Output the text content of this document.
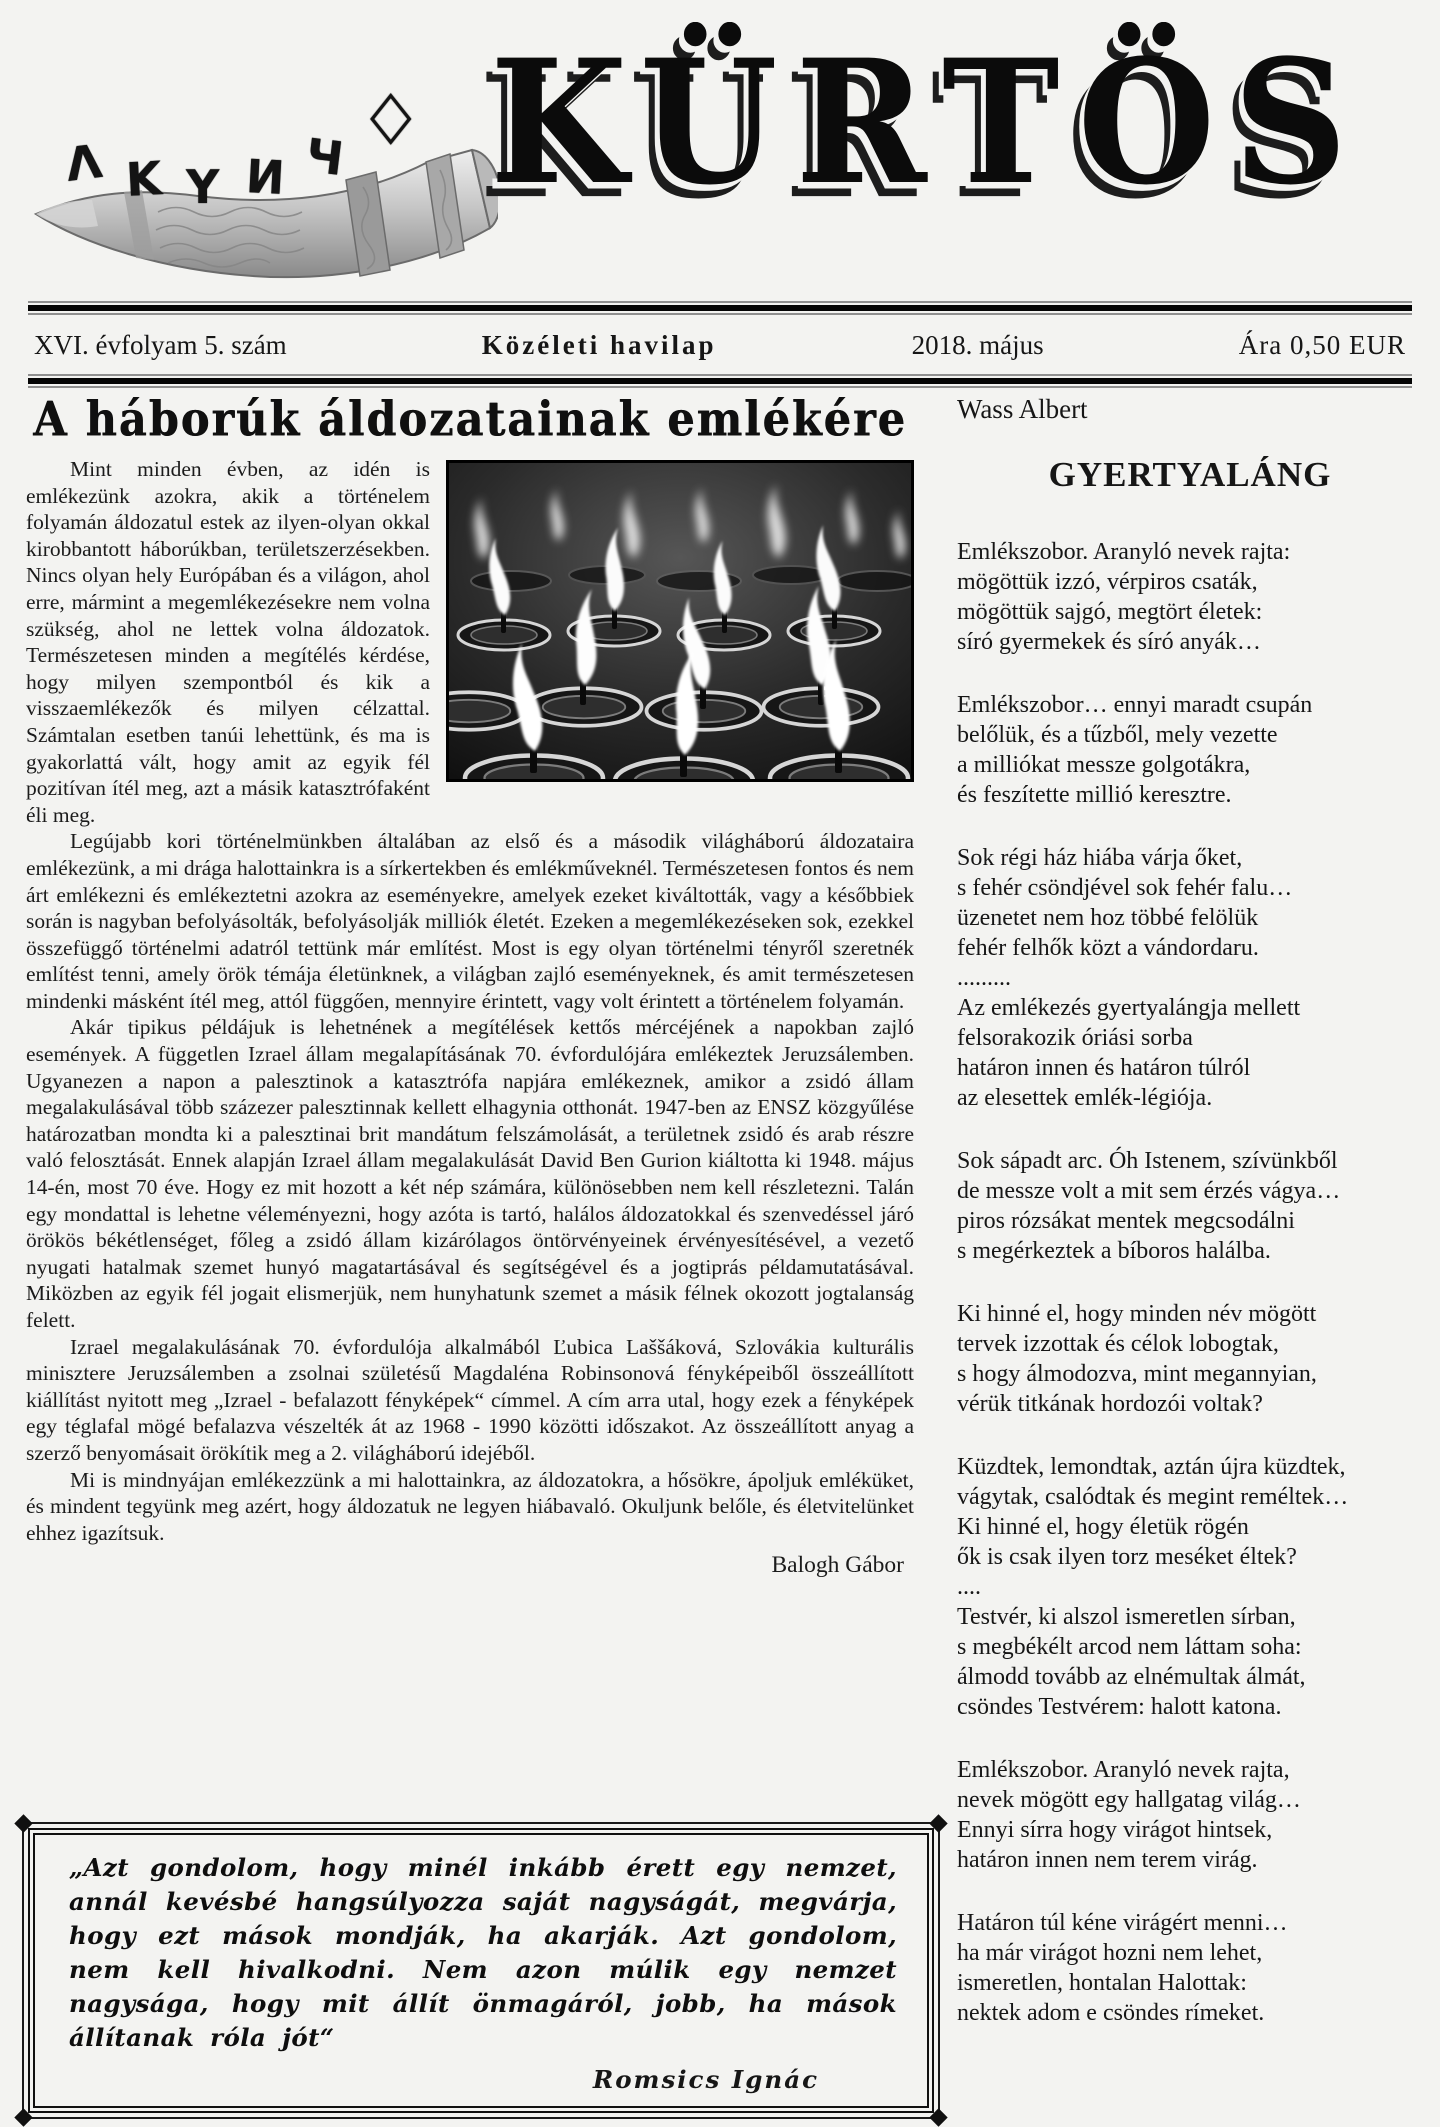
Λ K Y И Ч
◇ KÜRTÖS
XVI. évfolyam 5. szám	Közéleti havilap	2018. május	Ára 0,50 EUR
A háborúk áldozatainak emlékére

Mint minden évben, az idén is emlékezünk azokra, akik a történelem folyamán áldozatul estek az ilyen-olyan okkal kirobbantott háborúkban, területszerzésekben. Nincs olyan hely Európában és a világon, ahol erre, mármint a megemlékezésekre nem volna szükség, ahol ne lettek volna áldozatok. Természetesen minden a megítélés kérdése, hogy milyen szempontból és kik a visszaemlékezők és milyen célzattal. Számtalan esetben tanúi lehettünk, és ma is gyakorlattá vált, hogy amit az egyik fél pozitívan ítél meg, azt a másik katasztrófaként éli meg.

Legújabb kori történelmünkben általában az első és a második világháború áldozataira emlékezünk, a mi drága halottainkra is a sírkertekben és emlékműveknél. Természetesen fontos és nem árt emlékezni és emlékeztetni azokra az eseményekre, amelyek ezeket kiváltották, vagy a későbbiek során is nagyban befolyásolták, befolyásolják milliók életét. Ezeken a megemlékezéseken sok, ezekkel összefüggő történelmi adatról tettünk már említést. Most is egy olyan történelmi tényről szeretnék említést tenni, amely örök témája életünknek, a világban zajló eseményeknek, és amit természetesen mindenki másként ítél meg, attól függően, mennyire érintett, vagy volt érintett a történelem folyamán.

Akár tipikus példájuk is lehetnének a megítélések kettős mércéjének a napokban zajló események. A független Izrael állam megalapításának 70. évfordulójára emlékeztek Jeruzsálemben. Ugyanezen a napon a palesztinok a katasztrófa napjára emlékeznek, amikor a zsidó állam megalakulásával több százezer palesztinnak kellett elhagynia otthonát. 1947-ben az ENSZ közgyűlése határozatban mondta ki a palesztinai brit mandátum felszámolását, a területnek zsidó és arab részre való felosztását. Ennek alapján Izrael állam megalakulását David Ben Gurion kiáltotta ki 1948. május 14-én, most 70 éve. Hogy ez mit hozott a két nép számára, különösebben nem kell részletezni. Talán egy mondattal is lehetne véleményezni, hogy azóta is tartó, halálos áldozatokkal és szenvedéssel járó örökös békétlenséget, főleg a zsidó állam kizárólagos öntörvényeinek érvényesítésével, a vezető nyugati hatalmak szemet hunyó magatartásával és segítségével és a jogtiprás példamutatásával. Miközben az egyik fél jogait elismerjük, nem hunyhatunk szemet a másik félnek okozott jogtalanság felett.

Izrael megalakulásának 70. évfordulója alkalmából Ľubica Laššáková, Szlovákia kulturális minisztere Jeruzsálemben a zsolnai születésű Magdaléna Robinsonová fényképeiből összeállított kiállítást nyitott meg „Izrael - befalazott fényképek“ címmel. A cím arra utal, hogy ezek a fényképek egy téglafal mögé befalazva vészelték át az 1968 - 1990 közötti időszakot. Az összeállított anyag a szerző benyomásait örökítik meg a 2. világháború idejéből.

Mi is mindnyájan emlékezzünk a mi halottainkra, az áldozatokra, a hősökre, ápoljuk emléküket, és mindent tegyünk meg azért, hogy áldozatuk ne legyen hiábavaló. Okuljunk belőle, és életvitelünket ehhez igazítsuk.

Balogh Gábor
Wass Albert
GYERTYALÁNG
Emlékszobor. Aranyló nevek rajta:
mögöttük izzó, vérpiros csaták,
mögöttük sajgó, megtört életek:
síró gyermekek és síró anyák…
Emlékszobor… ennyi maradt csupán
belőlük, és a tűzből, mely vezette
a milliókat messze golgotákra,
és feszítette millió keresztre.
Sok régi ház hiába várja őket,
s fehér csöndjével sok fehér falu…
üzenetet nem hoz többé felölük
fehér felhők közt a vándordaru.
.........
Az emlékezés gyertyalángja mellett
felsorakozik óriási sorba
határon innen és határon túlról
az elesettek emlék-légiója.
Sok sápadt arc. Óh Istenem, szívünkből
de messze volt a mit sem érzés vágya…
piros rózsákat mentek megcsodálni
s megérkeztek a bíboros halálba.
Ki hinné el, hogy minden név mögött
tervek izzottak és célok lobogtak,
s hogy álmodozva, mint megannyian,
vérük titkának hordozói voltak?
Küzdtek, lemondtak, aztán újra küzdtek,
vágytak, csalódtak és megint reméltek…
Ki hinné el, hogy életük rögén
ők is csak ilyen torz meséket éltek?
....
Testvér, ki alszol ismeretlen sírban,
s megbékélt arcod nem láttam soha:
álmodd tovább az elnémultak álmát,
csöndes Testvérem: halott katona.
Emlékszobor. Aranyló nevek rajta,
nevek mögött egy hallgatag világ…
Ennyi sírra hogy virágot hintsek,
határon innen nem terem virág.
Határon túl kéne virágért menni…
ha már virágot hozni nem lehet,
ismeretlen, hontalan Halottak:
nektek adom e csöndes rímeket.
„Azt gondolom, hogy minél inkább érett egy nemzet, annál kevésbé hangsúlyozza saját nagyságát, megvárja, hogy ezt mások mondják, ha akarják. Azt gondolom, nem kell hivalkodni. Nem azon múlik egy nemzet nagysága, hogy mit állít önmagáról, jobb, ha mások állítanak róla jót“
Romsics Ignác
